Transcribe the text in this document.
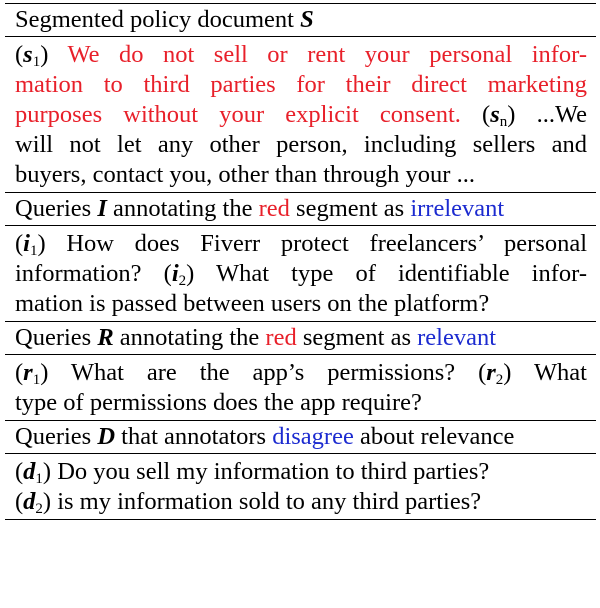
Segmented policy document S
$(s_1)$ We do not sell or rent your personal infor-
mation to third parties for their direct marketing
purposes without your explicit consent. $(s_n)$ ...We
will not let any other person, including sellers and
buyers, contact you, other than through your ...
Queries I annotating the red segment as irrelevant
$(i_1)$ How does Fiverr protect freelancers’ personal
information? $(i_2)$ What type of identifiable infor-
mation is passed between users on the platform?
Queries R annotating the red segment as relevant
$(r_1)$ What are the app’s permissions? $(r_2)$ What
type of permissions does the app require?
Queries D that annotators disagree about relevance
$(d_1)$ Do you sell my information to third parties?
$(d_2)$ is my information sold to any third parties?
